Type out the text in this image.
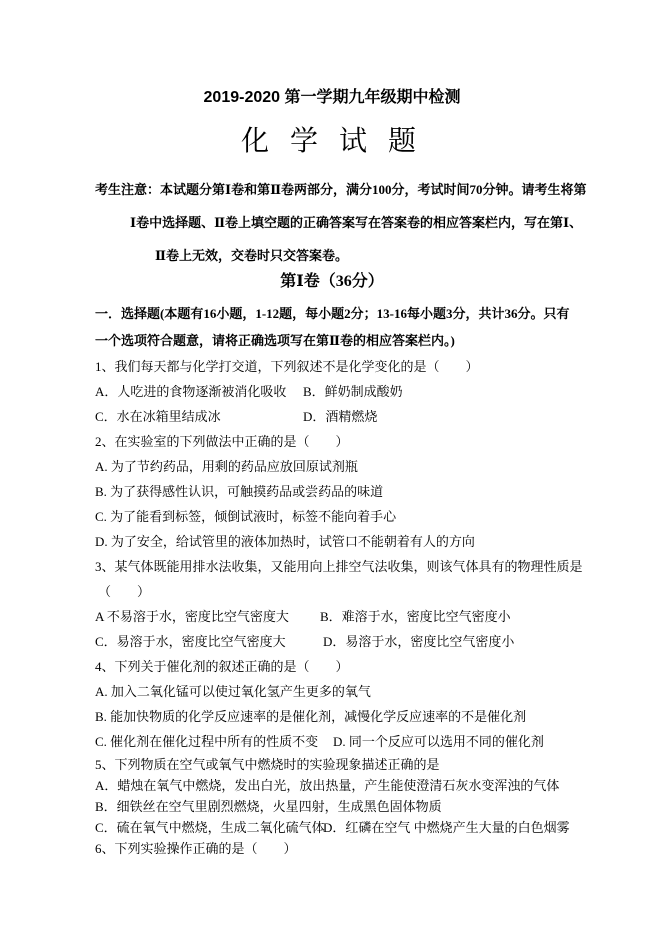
2019-2020 第一学期九年级期中检测
化 学 试 题
考生注意：本试题分第Ⅰ卷和第Ⅱ卷两部分，满分100分，考试时间70分钟。请考生将第
Ⅰ卷中选择题、Ⅱ卷上填空题的正确答案写在答案卷的相应答案栏内，写在第Ⅰ、
Ⅱ卷上无效，交卷时只交答案卷。
第Ⅰ卷（36分）
一．选择题(本题有16小题，1-12题，每小题2分；13-16每小题3分，共计36分。只有
一个选项符合题意，请将正确选项写在第Ⅱ卷的相应答案栏内。)
1、我们每天都与化学打交道，下列叙述不是化学变化的是（　　）
A．人吃进的食物逐渐被消化吸收 B．鲜奶制成酸奶
C．水在冰箱里结成冰	D．酒精燃烧
2、在实验室的下列做法中正确的是（　　）
A. 为了节约药品，用剩的药品应放回原试剂瓶
B. 为了获得感性认识，可触摸药品或尝药品的味道
C. 为了能看到标签，倾倒试液时，标签不能向着手心
D. 为了安全，给试管里的液体加热时，试管口不能朝着有人的方向
3、某气体既能用排水法收集，又能用向上排空气法收集，则该气体具有的物理性质是
（　　）
A 不易溶于水，密度比空气密度大 B．难溶于水，密度比空气密度小
C．易溶于水，密度比空气密度大	D．易溶于水，密度比空气密度小
4、下列关于催化剂的叙述正确的是（　　）
A. 加入二氧化锰可以使过氧化氢产生更多的氧气
B. 能加快物质的化学反应速率的是催化剂，减慢化学反应速率的不是催化剂
C. 催化剂在催化过程中所有的性质不变 D. 同一个反应可以选用不同的催化剂
5、下列物质在空气或氧气中燃烧时的实验现象描述正确的是
A．蜡烛在氧气中燃烧，发出白光，放出热量，产生能使澄清石灰水变浑浊的气体
B．细铁丝在空气里剧烈燃烧，火星四射，生成黑色固体物质
C．硫在氧气中燃烧，生成二氧化硫气体
D．红磷在空气 中燃烧产生大量的白色烟雾
6、下列实验操作正确的是（　　）
